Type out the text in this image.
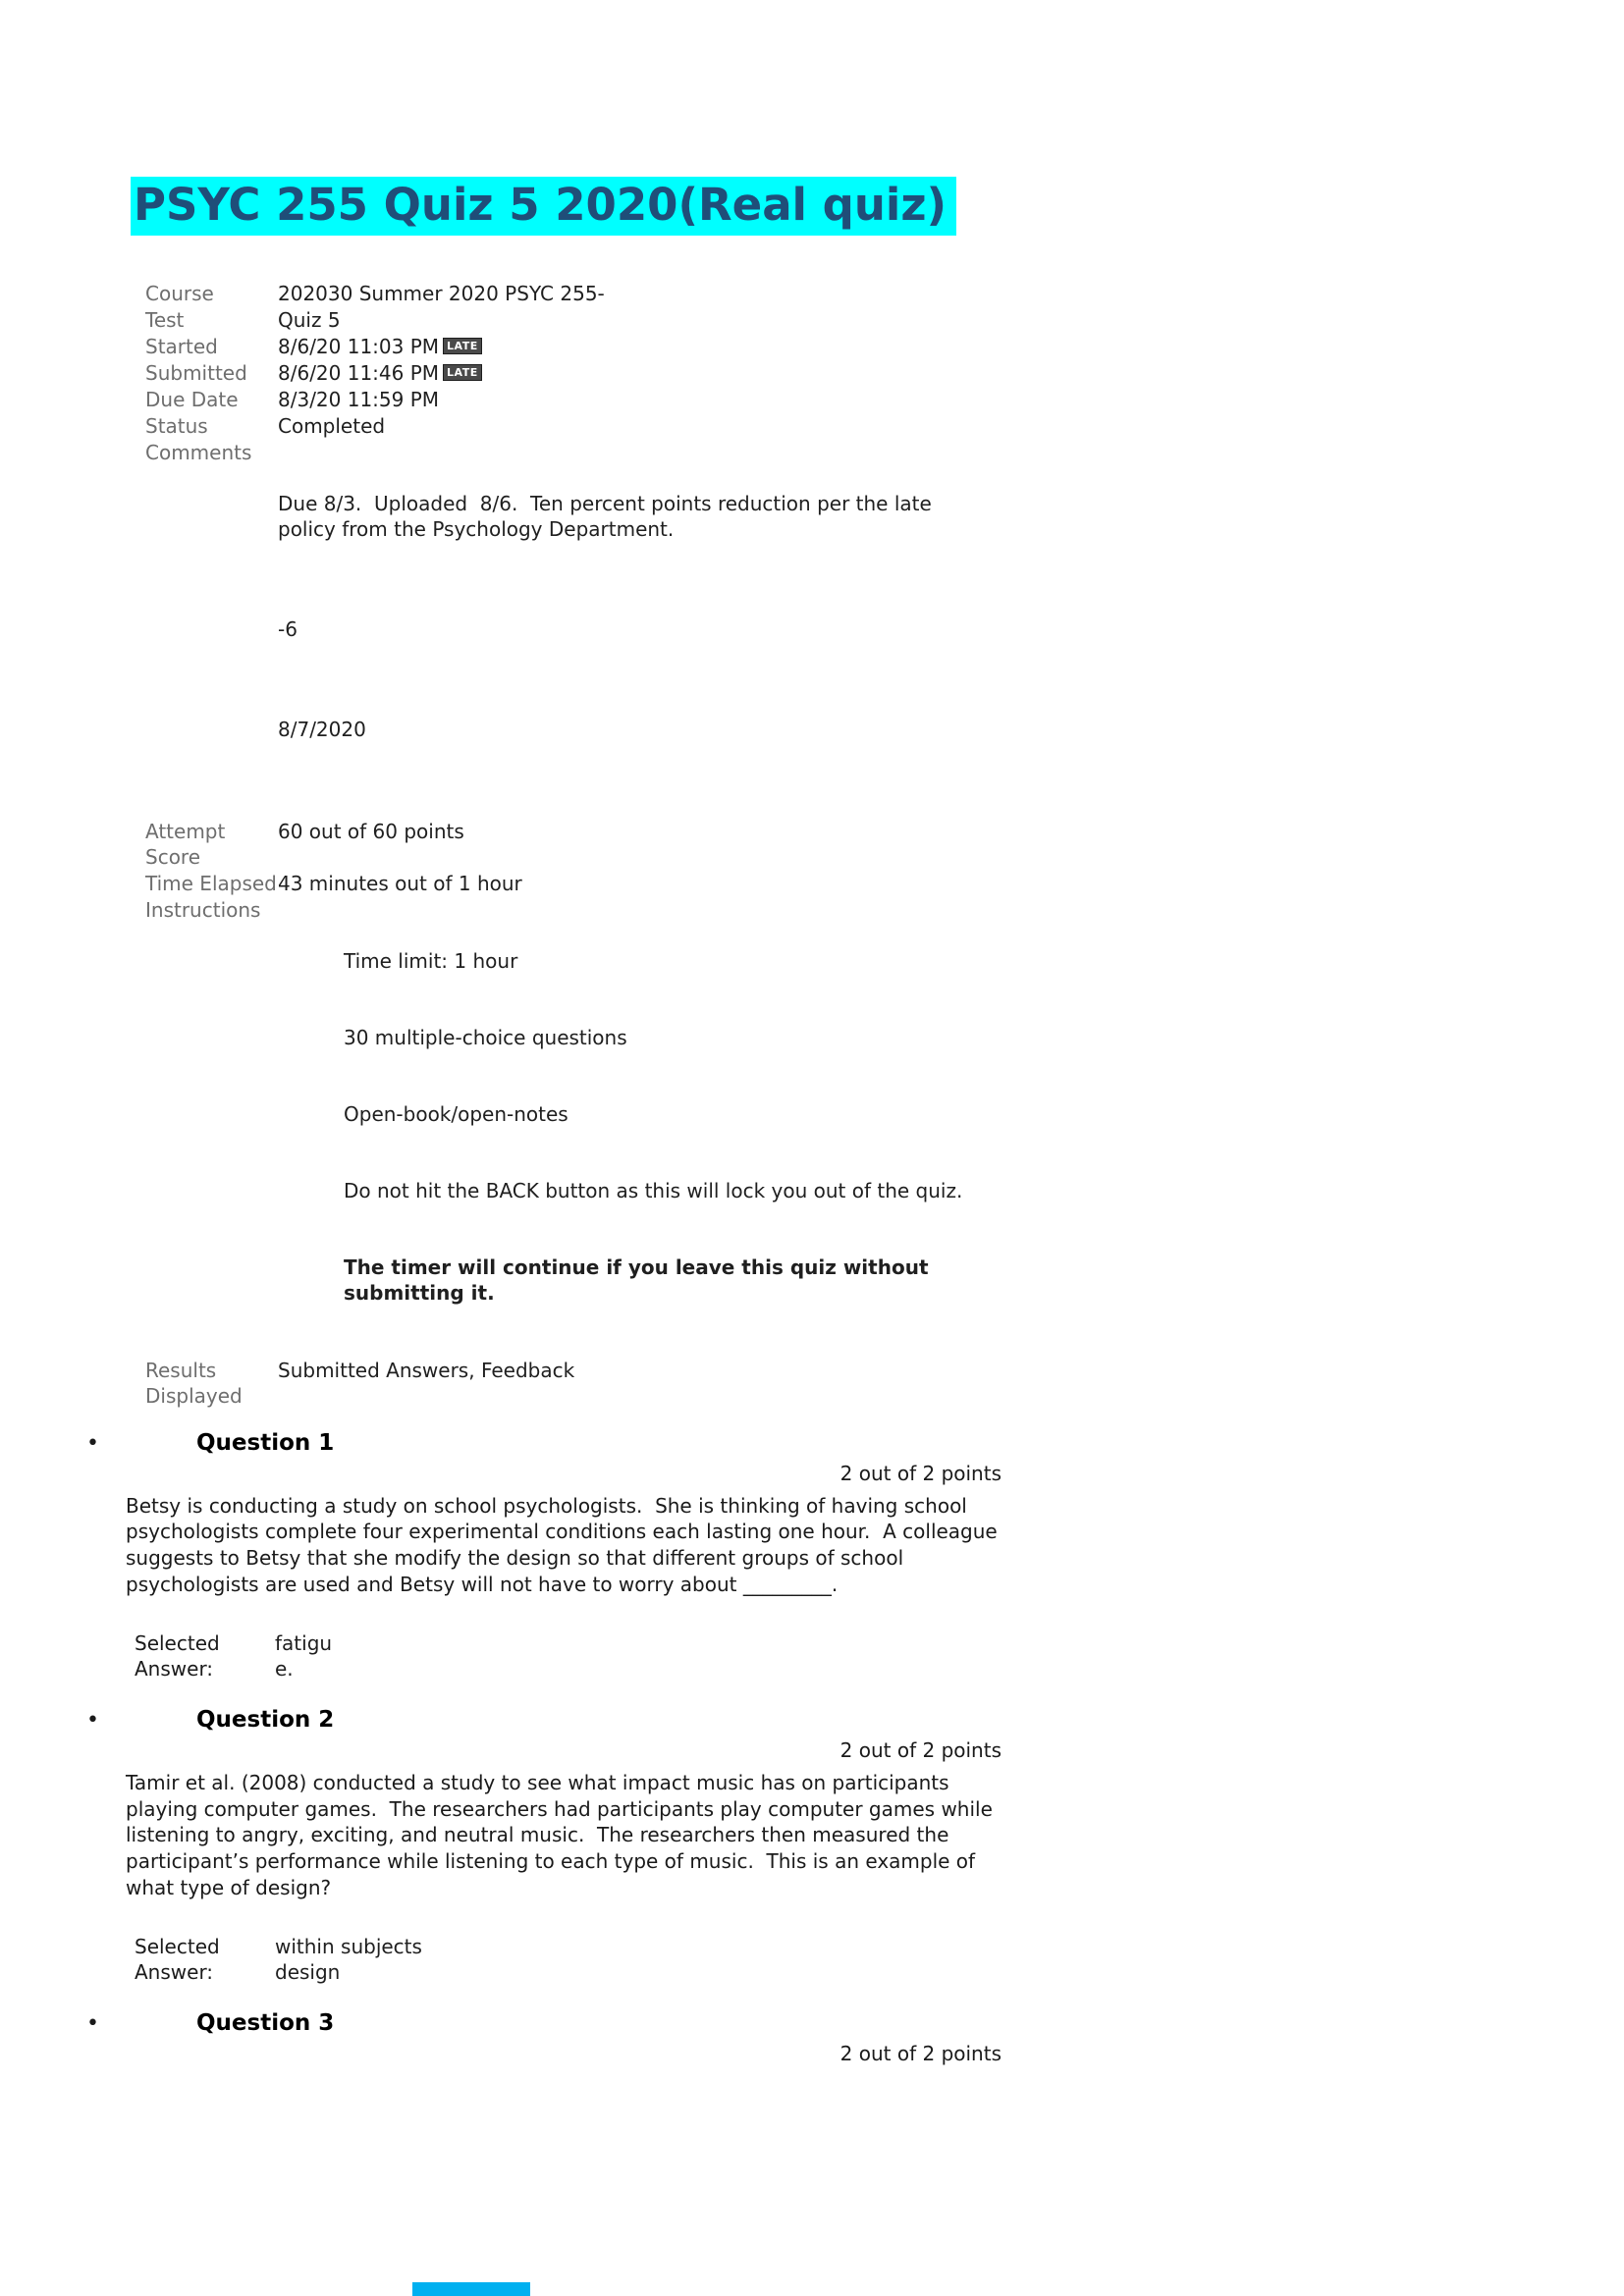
PSYC 255 Quiz 5 2020(Real quiz)
Course	202030 Summer 2020 PSYC 255-
Test	Quiz 5
Started	8/6/20 11:03 PM LATE
Submitted	8/6/20 11:46 PM LATE
Due Date	8/3/20 11:59 PM
Status	Completed
Comments

Due 8/3.  Uploaded  8/6.  Ten percent points reduction per the late policy from the Psychology Department.

-6

8/7/2020

Attempt Score
60 out of 60 points
Time Elapsed 43 minutes out of 1 hour
Instructions

Time limit: 1 hour

30 multiple-choice questions

Open-book/open-notes

Do not hit the BACK button as this will lock you out of the quiz.

The timer will continue if you leave this quiz without submitting it.

Results Displayed
Submitted Answers, Feedback
•	Question 1
2 out of 2 points
Betsy is conducting a study on school psychologists.  She is thinking of having school psychologists complete four experimental conditions each lasting one hour.  A colleague suggests to Betsy that she modify the design so that different groups of school psychologists are used and Betsy will not have to worry about _________.
Selected Answer:
fatigu
e.
•	Question 2
2 out of 2 points
Tamir et al. (2008) conducted a study to see what impact music has on participants playing computer games.  The researchers had participants play computer games while listening to angry, exciting, and neutral music.  The researchers then measured the participant’s performance while listening to each type of music.  This is an example of what type of design?
Selected Answer:
within subjects
design
•	Question 3
2 out of 2 points
